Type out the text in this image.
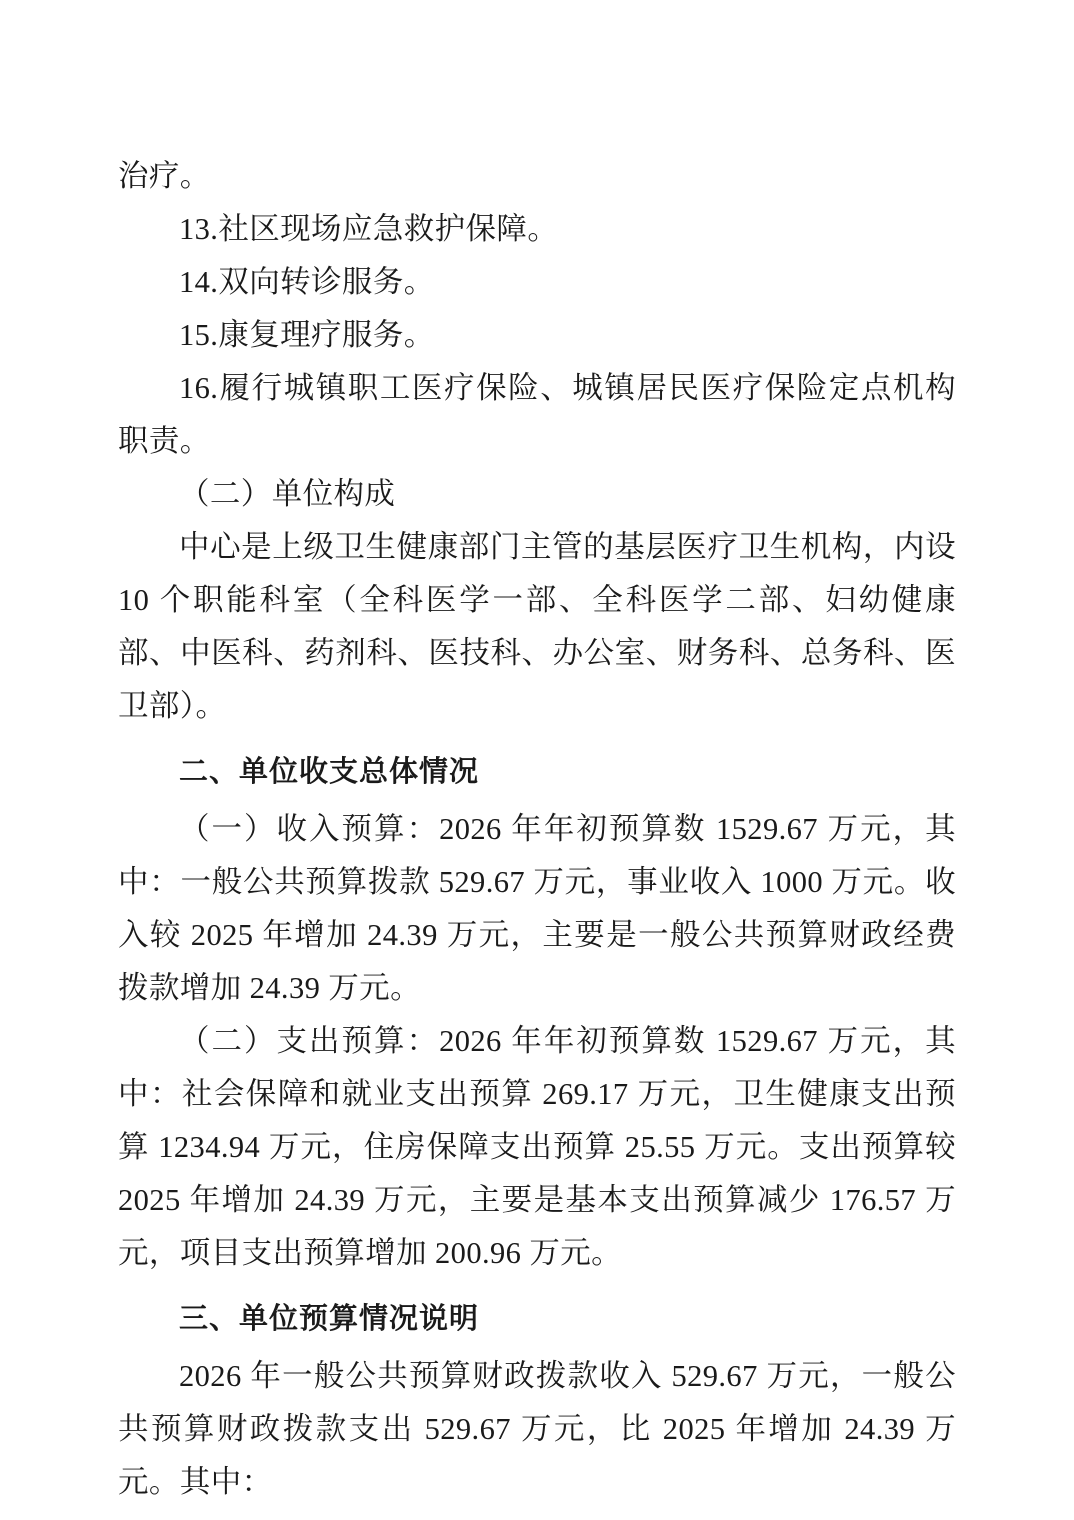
治疗。

13.社区现场应急救护保障。

14.双向转诊服务。

15.康复理疗服务。

16.履行城镇职工医疗保险、城镇居民医疗保险定点机构职责。

（二）单位构成

中心是上级卫生健康部门主管的基层医疗卫生机构，内设 10 个职能科室（全科医学一部、全科医学二部、妇幼健康部、中医科、药剂科、医技科、办公室、财务科、总务科、医卫部）。

二、单位收支总体情况

（一）收入预算：2026 年年初预算数 1529.67 万元，其中：一般公共预算拨款 529.67 万元，事业收入 1000 万元。收入较 2025 年增加 24.39 万元，主要是一般公共预算财政经费拨款增加 24.39 万元。

（二）支出预算：2026 年年初预算数 1529.67 万元，其中：社会保障和就业支出预算 269.17 万元，卫生健康支出预算 1234.94 万元，住房保障支出预算 25.55 万元。支出预算较 2025 年增加 24.39 万元，主要是基本支出预算减少 176.57 万元，项目支出预算增加 200.96 万元。

三、单位预算情况说明

2026 年一般公共预算财政拨款收入 529.67 万元，一般公共预算财政拨款支出 529.67 万元，比 2025 年增加 24.39 万元。其中：
